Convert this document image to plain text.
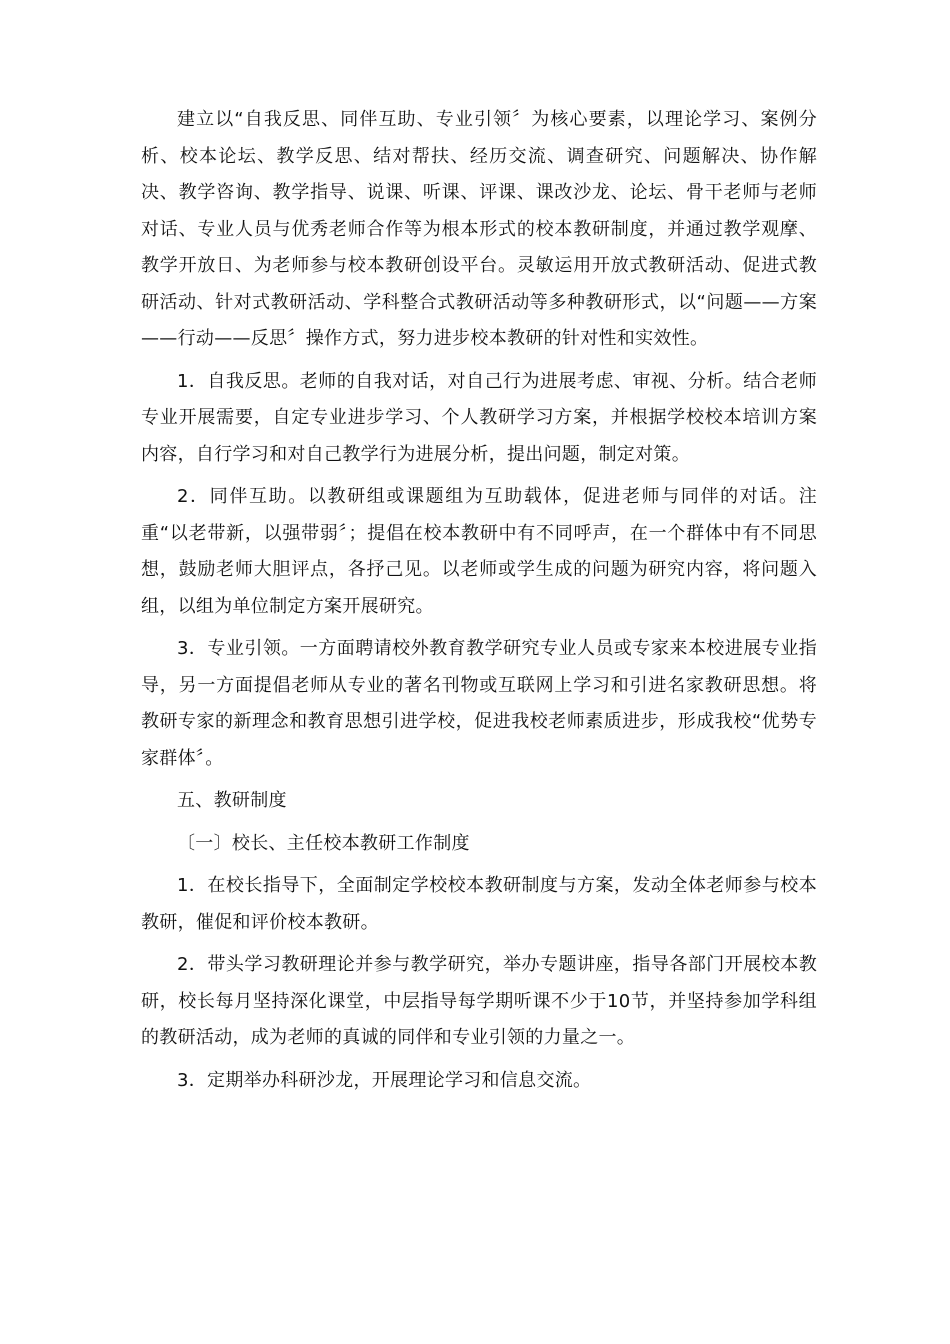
建立以“自我反思、同伴互助、专业引领〞为核心要素，以理论学习、案例分析、校本论坛、教学反思、结对帮扶、经历交流、调查研究、问题解决、协作解决、教学咨询、教学指导、说课、听课、评课、课改沙龙、论坛、骨干老师与老师对话、专业人员与优秀老师合作等为根本形式的校本教研制度，并通过教学观摩、教学开放日、为老师参与校本教研创设平台。灵敏运用开放式教研活动、促进式教研活动、针对式教研活动、学科整合式教研活动等多种教研形式，以“问题——方案——行动——反思〞操作方式，努力进步校本教研的针对性和实效性。

1．自我反思。老师的自我对话，对自己行为进展考虑、审视、分析。结合老师专业开展需要，自定专业进步学习、个人教研学习方案，并根据学校校本培训方案内容，自行学习和对自己教学行为进展分析，提出问题，制定对策。

2．同伴互助。以教研组或课题组为互助载体，促进老师与同伴的对话。注重“以老带新，以强带弱〞；提倡在校本教研中有不同呼声，在一个群体中有不同思想，鼓励老师大胆评点，各抒己见。以老师或学生成的问题为研究内容，将问题入组，以组为单位制定方案开展研究。

3．专业引领。一方面聘请校外教育教学研究专业人员或专家来本校进展专业指导，另一方面提倡老师从专业的著名刊物或互联网上学习和引进名家教研思想。将教研专家的新理念和教育思想引进学校，促进我校老师素质进步，形成我校“优势专家群体〞。

五、教研制度

〔一〕校长、主任校本教研工作制度

1．在校长指导下，全面制定学校校本教研制度与方案，发动全体老师参与校本教研，催促和评价校本教研。

2．带头学习教研理论并参与教学研究，举办专题讲座，指导各部门开展校本教研，校长每月坚持深化课堂，中层指导每学期听课不少于10节，并坚持参加学科组的教研活动，成为老师的真诚的同伴和专业引领的力量之一。

3．定期举办科研沙龙，开展理论学习和信息交流。
